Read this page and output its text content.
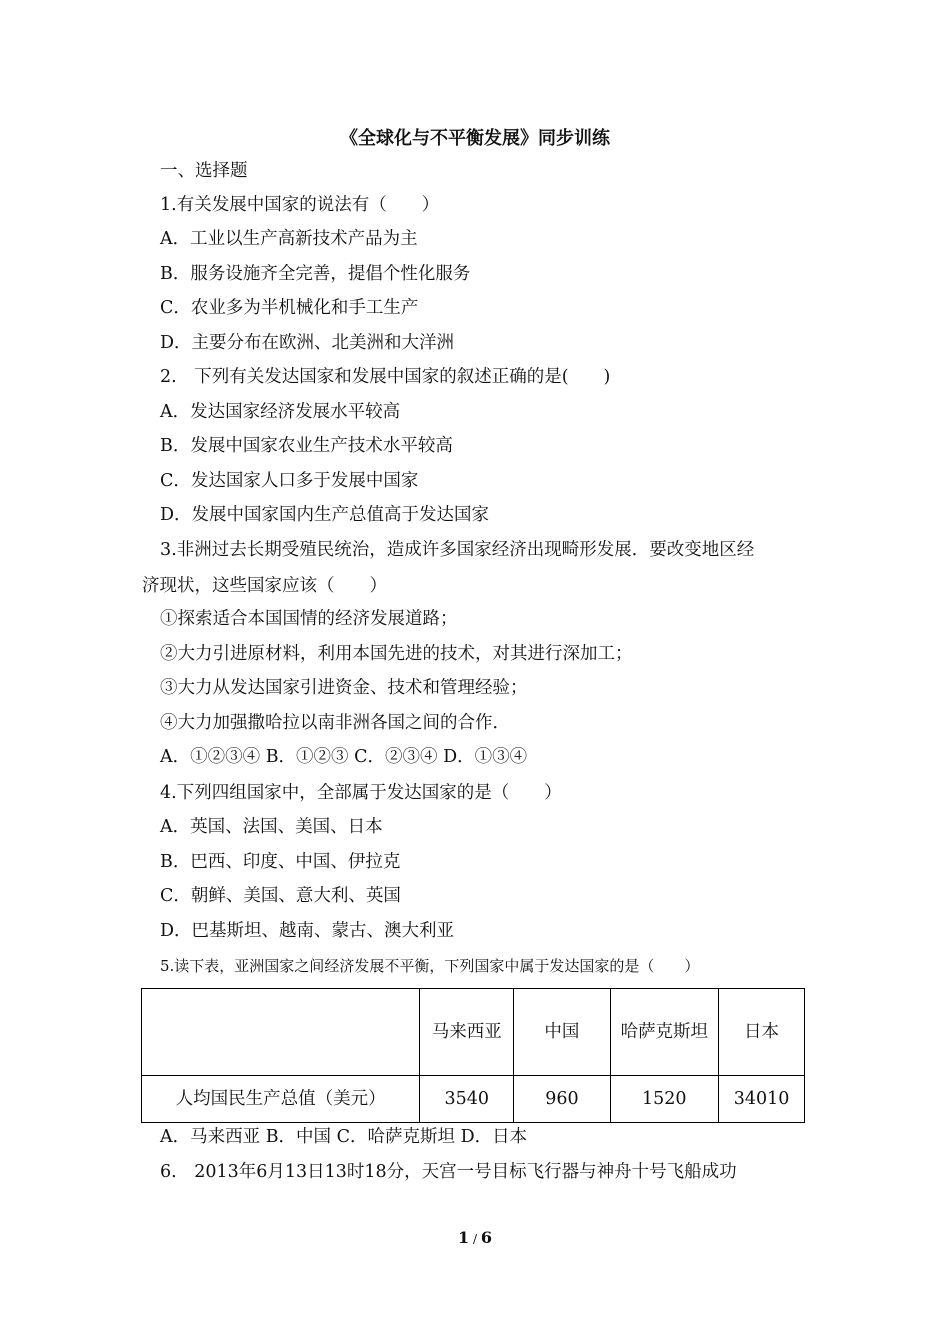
《全球化与不平衡发展》同步训练
一、选择题
1.有关发展中国家的说法有（　　）
A．工业以生产高新技术产品为主
B．服务设施齐全完善，提倡个性化服务
C．农业多为半机械化和手工生产
D．主要分布在欧洲、北美洲和大洋洲
2.　下列有关发达国家和发展中国家的叙述正确的是(　　)
A．发达国家经济发展水平较高
B．发展中国家农业生产技术水平较高
C．发达国家人口多于发展中国家
D．发展中国家国内生产总值高于发达国家
3.非洲过去长期受殖民统治，造成许多国家经济出现畸形发展．要改变地区经
济现状，这些国家应该（　　）
①探索适合本国国情的经济发展道路；
②大力引进原材料，利用本国先进的技术，对其进行深加工；
③大力从发达国家引进资金、技术和管理经验；
④大力加强撒哈拉以南非洲各国之间的合作．
A．①②③④ B．①②③ C．②③④ D．①③④
4.下列四组国家中，全部属于发达国家的是（　　）
A．英国、法国、美国、日本
B．巴西、印度、中国、伊拉克
C．朝鲜、美国、意大利、英国
D．巴基斯坦、越南、蒙古、澳大利亚
5.读下表，亚洲国家之间经济发展不平衡，下列国家中属于发达国家的是（　　）
	马来西亚	中国	哈萨克斯坦	日本
人均国民生产总值（美元）	3540	960	1520	34010
A．马来西亚 B．中国 C．哈萨克斯坦 D．日本
6.　2013年6月13日13时18分，天宫一号目标飞行器与神舟十号飞船成功
1 / 6
